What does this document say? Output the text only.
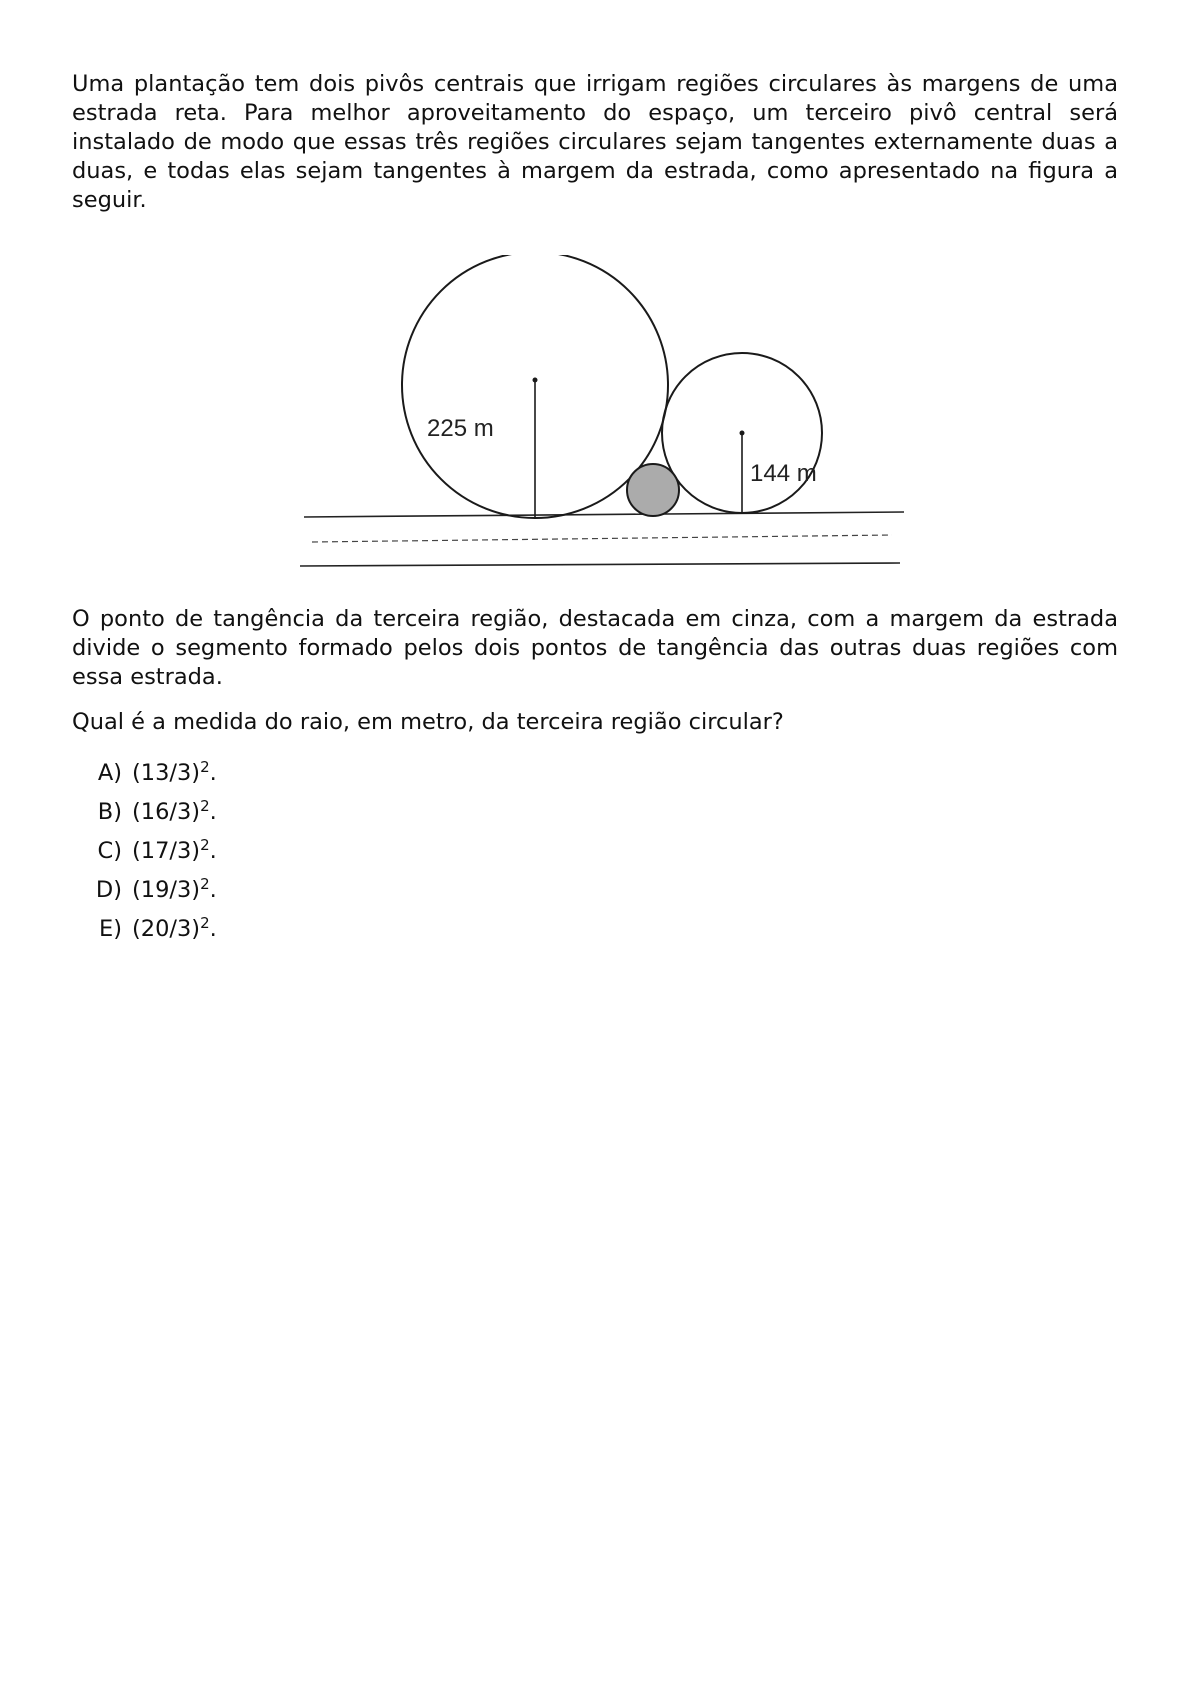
Uma plantação tem dois pivôs centrais que irrigam regiões circulares às margens de uma estrada reta. Para melhor aproveitamento do espaço, um terceiro pivô central será instalado de modo que essas três regiões circulares sejam tangentes externamente duas a duas, e todas elas sejam tangentes à margem da estrada, como apresentado na figura a seguir.

225 m
144 m

O ponto de tangência da terceira região, destacada em cinza, com a margem da estrada divide o segmento formado pelos dois pontos de tangência das outras duas regiões com essa estrada.

Qual é a medida do raio, em metro, da terceira região circular?

A) $(13/3)^2$.
B) $(16/3)^2$.
C) $(17/3)^2$.
D) $(19/3)^2$.
E) $(20/3)^2$.
